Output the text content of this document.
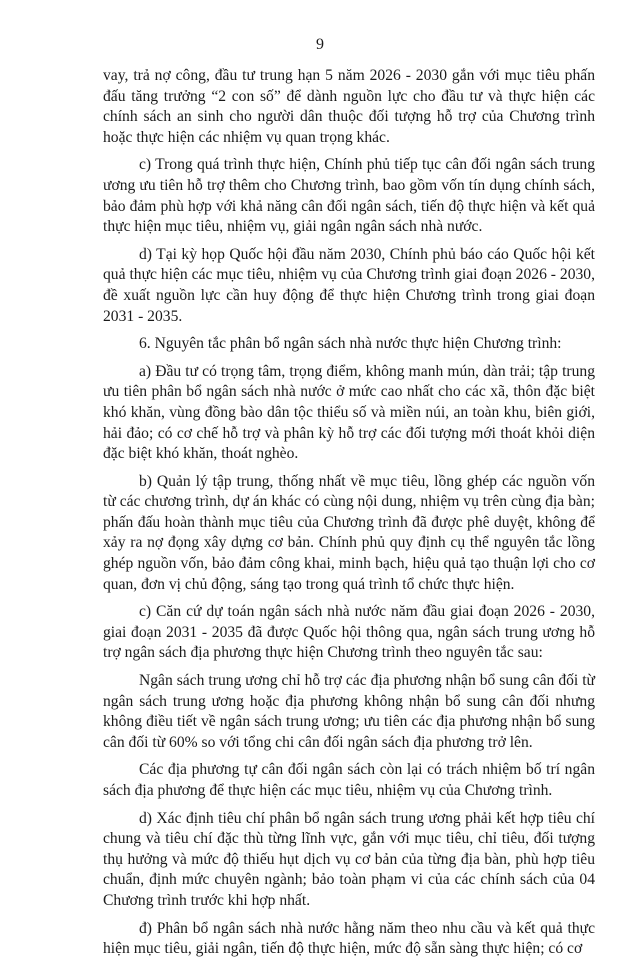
9

vay, trả nợ công, đầu tư trung hạn 5 năm 2026 - 2030 gắn với mục tiêu phấn đấu tăng trưởng “2 con số” để dành nguồn lực cho đầu tư và thực hiện các chính sách an sinh cho người dân thuộc đối tượng hỗ trợ của Chương trình hoặc thực hiện các nhiệm vụ quan trọng khác.

c) Trong quá trình thực hiện, Chính phủ tiếp tục cân đối ngân sách trung ương ưu tiên hỗ trợ thêm cho Chương trình, bao gồm vốn tín dụng chính sách, bảo đảm phù hợp với khả năng cân đối ngân sách, tiến độ thực hiện và kết quả thực hiện mục tiêu, nhiệm vụ, giải ngân ngân sách nhà nước.

d) Tại kỳ họp Quốc hội đầu năm 2030, Chính phủ báo cáo Quốc hội kết quả thực hiện các mục tiêu, nhiệm vụ của Chương trình giai đoạn 2026 - 2030, đề xuất nguồn lực cần huy động để thực hiện Chương trình trong giai đoạn 2031 - 2035.

6. Nguyên tắc phân bổ ngân sách nhà nước thực hiện Chương trình:

a) Đầu tư có trọng tâm, trọng điểm, không manh mún, dàn trải; tập trung ưu tiên phân bổ ngân sách nhà nước ở mức cao nhất cho các xã, thôn đặc biệt khó khăn, vùng đồng bào dân tộc thiểu số và miền núi, an toàn khu, biên giới, hải đảo; có cơ chế hỗ trợ và phân kỳ hỗ trợ các đối tượng mới thoát khỏi diện đặc biệt khó khăn, thoát nghèo.

b) Quản lý tập trung, thống nhất về mục tiêu, lồng ghép các nguồn vốn từ các chương trình, dự án khác có cùng nội dung, nhiệm vụ trên cùng địa bàn; phấn đấu hoàn thành mục tiêu của Chương trình đã được phê duyệt, không để xảy ra nợ đọng xây dựng cơ bản. Chính phủ quy định cụ thể nguyên tắc lồng ghép nguồn vốn, bảo đảm công khai, minh bạch, hiệu quả tạo thuận lợi cho cơ quan, đơn vị chủ động, sáng tạo trong quá trình tổ chức thực hiện.

c) Căn cứ dự toán ngân sách nhà nước năm đầu giai đoạn 2026 - 2030, giai đoạn 2031 - 2035 đã được Quốc hội thông qua, ngân sách trung ương hỗ trợ ngân sách địa phương thực hiện Chương trình theo nguyên tắc sau:

Ngân sách trung ương chỉ hỗ trợ các địa phương nhận bổ sung cân đối từ ngân sách trung ương hoặc địa phương không nhận bổ sung cân đối nhưng không điều tiết về ngân sách trung ương; ưu tiên các địa phương nhận bổ sung cân đối từ 60% so với tổng chi cân đối ngân sách địa phương trở lên.

Các địa phương tự cân đối ngân sách còn lại có trách nhiệm bố trí ngân sách địa phương để thực hiện các mục tiêu, nhiệm vụ của Chương trình.

d) Xác định tiêu chí phân bổ ngân sách trung ương phải kết hợp tiêu chí chung và tiêu chí đặc thù từng lĩnh vực, gắn với mục tiêu, chỉ tiêu, đối tượng thụ hưởng và mức độ thiếu hụt dịch vụ cơ bản của từng địa bàn, phù hợp tiêu chuẩn, định mức chuyên ngành; bảo toàn phạm vi của các chính sách của 04 Chương trình trước khi hợp nhất.

đ) Phân bổ ngân sách nhà nước hằng năm theo nhu cầu và kết quả thực hiện mục tiêu, giải ngân, tiến độ thực hiện, mức độ sẵn sàng thực hiện; có cơ
